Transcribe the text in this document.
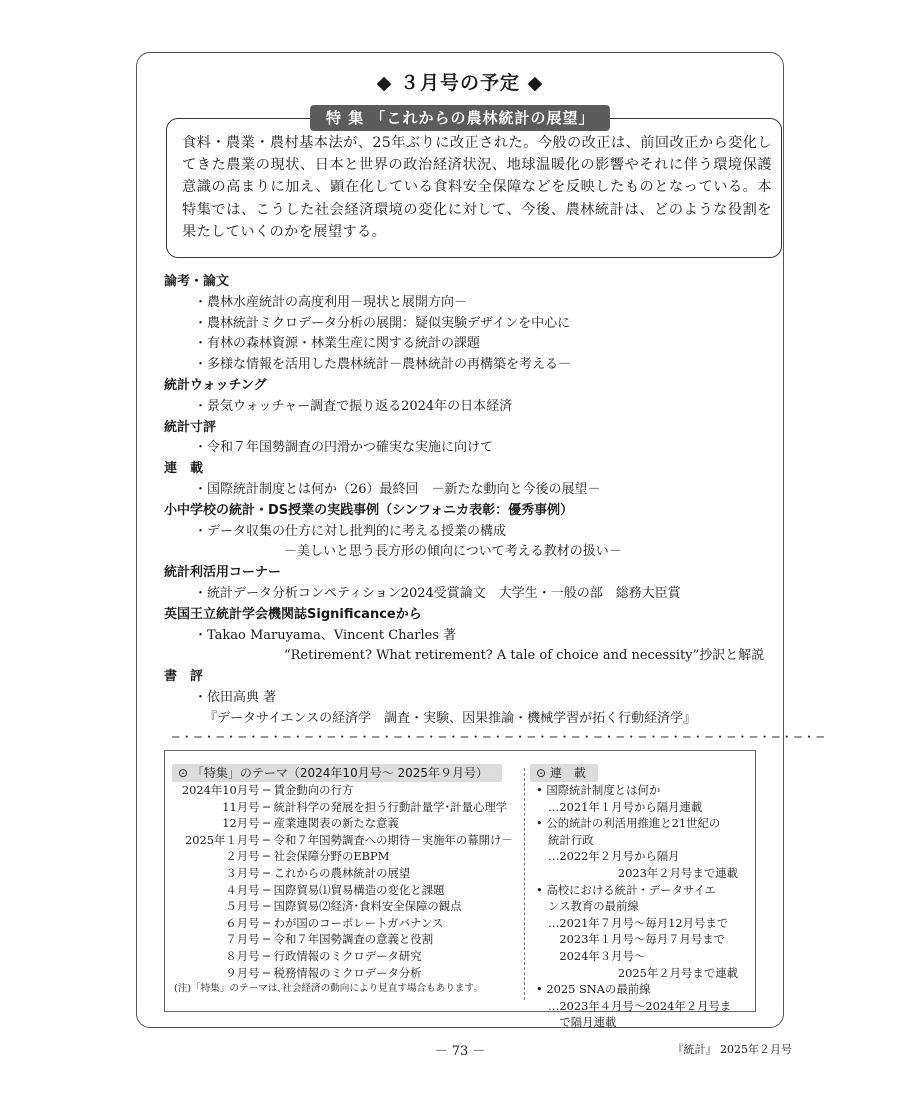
◆ ３月号の予定 ◆
特 集 「これからの農林統計の展望」
食料・農業・農村基本法が、25年ぶりに改正された。今般の改正は、前回改正から変化してきた農業の現状、日本と世界の政治経済状況、地球温暖化の影響やそれに伴う環境保護意識の高まりに加え、顕在化している食料安全保障などを反映したものとなっている。本特集では、こうした社会経済環境の変化に対して、今後、農林統計は、どのような役割を果たしていくのかを展望する。
論考・論文
・農林水産統計の高度利用－現状と展開方向－
・農林統計ミクロデータ分析の展開：疑似実験デザインを中心に
・有林の森林資源・林業生産に関する統計の課題
・多様な情報を活用した農林統計－農林統計の再構築を考える－
統計ウォッチング
・景気ウォッチャー調査で振り返る2024年の日本経済
統計寸評
・令和７年国勢調査の円滑かつ確実な実施に向けて
連　載
・国際統計制度とは何か（26）最終回　－新たな動向と今後の展望－
小中学校の統計・DS授業の実践事例（シンフォニカ表彰：優秀事例）
・データ収集の仕方に対し批判的に考える授業の構成
－美しいと思う長方形の傾向について考える教材の扱い－
統計利活用コーナー
・統計データ分析コンペティション2024受賞論文　大学生・一般の部　総務大臣賞
英国王立統計学会機関誌Significanceから
・Takao Maruyama、Vincent Charles 著
“Retirement? What retirement? A tale of choice and necessity”抄訳と解説
書　評
・依田高典 著
『データサイエンスの経済学　調査・実験、因果推論・機械学習が拓く行動経済学』
─・─・─・─・─・─・─・─・─・─・─・─・─・─・─・─・─・─・─・─・─・─・─・─・─・─・─・─・─・─
⊙ 「特集」のテーマ（2024年10月号～ 2025年９月号）	⊙ 連　載
2024年10月号 ─ 賃金動向の行方
11月号 ─ 統計科学の発展を担う行動計量学･計量心理学
12月号 ─ 産業連関表の新たな意義
2025年１月号 ─ 令和７年国勢調査への期待－実施年の幕開け－
２月号 ─ 社会保障分野のEBPM
３月号 ─ これからの農林統計の展望
４月号 ─ 国際貿易⑴貿易構造の変化と課題
５月号 ─ 国際貿易⑵経済･食料安全保障の観点
６月号 ─ わが国のコーポレートガバナンス
７月号 ─ 令和７年国勢調査の意義と役割
８月号 ─ 行政情報のミクロデータ研究
９月号 ─ 税務情報のミクロデータ分析
(注)「特集」のテーマは､社会経済の動向により見直す場合もあります。
• 国際統計制度とは何か
…2021年１月号から隔月連載
• 公的統計の利活用推進と21世紀の
統計行政
…2022年２月号から隔月
2023年２月号まで連載
• 高校における統計・データサイエ
ンス教育の最前線
…2021年７月号～毎月12月号まで
　2023年１月号～毎月７月号まで
　2024年３月号～
2025年２月号まで連載
• 2025 SNAの最前線
…2023年４月号～2024年２月号ま
　で隔月連載
－ 73 －	『統計』 2025年２月号
